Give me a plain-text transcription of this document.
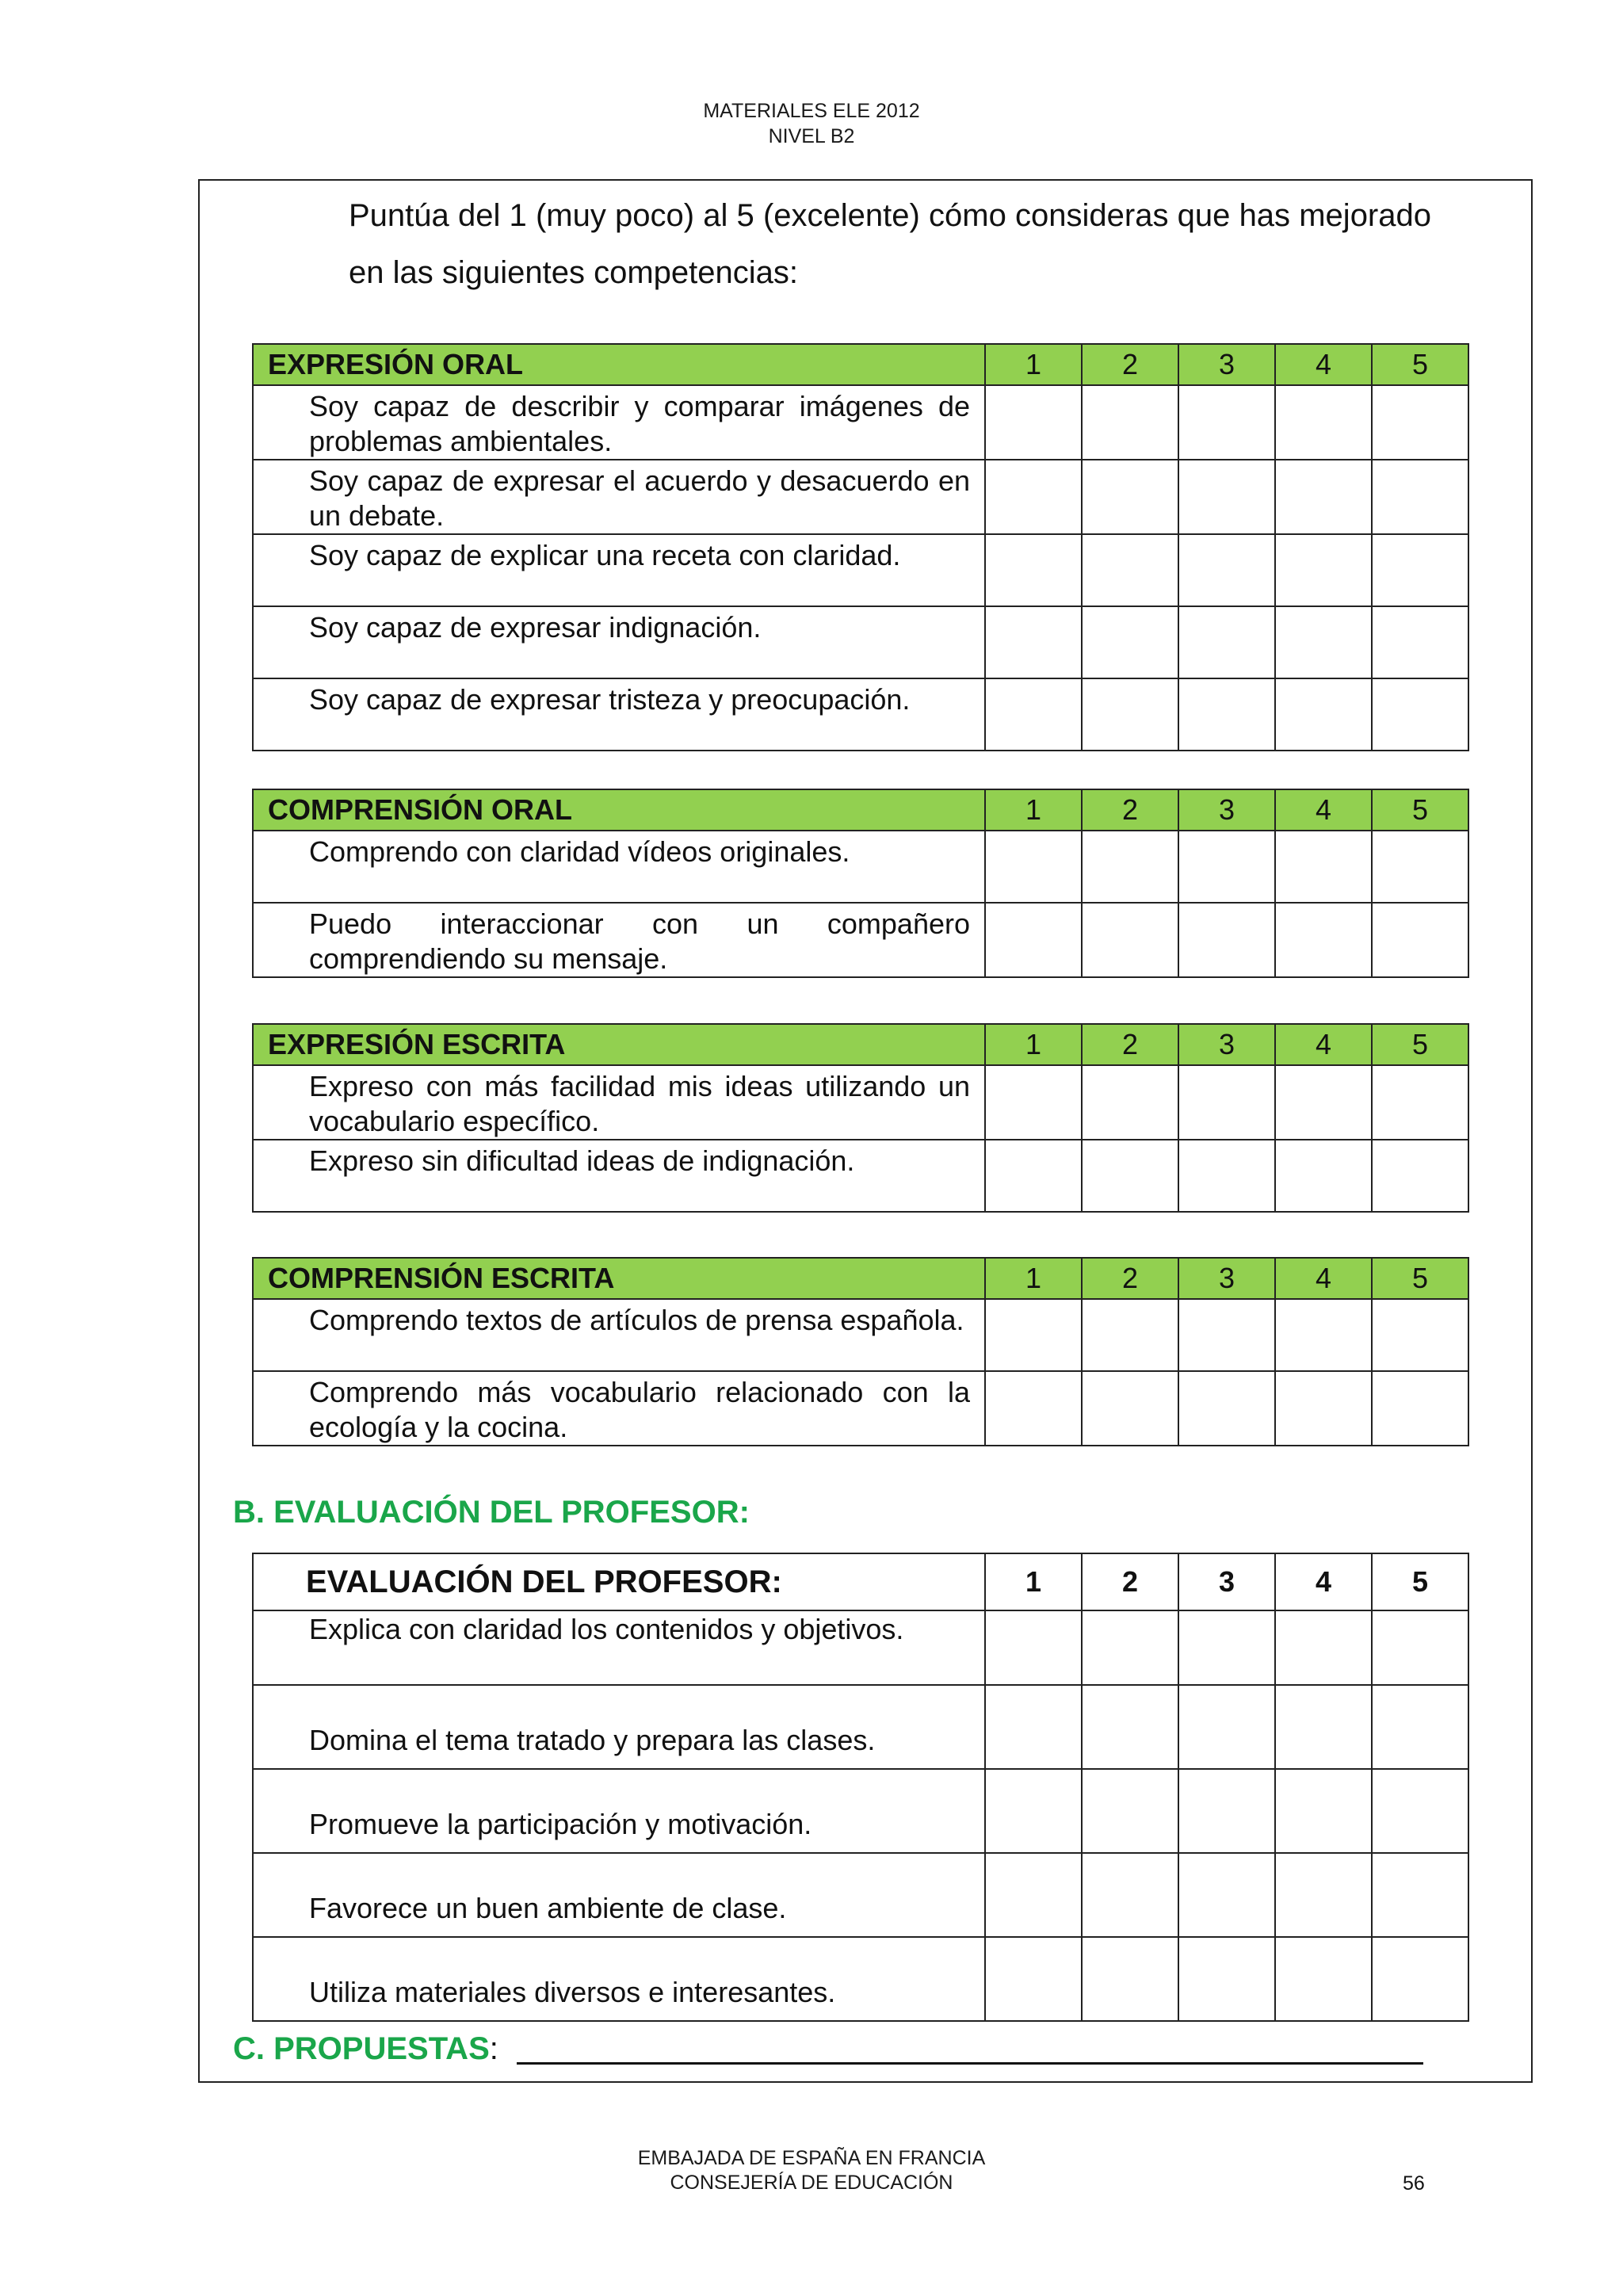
MATERIALES ELE 2012
NIVEL B2
Puntúa del 1 (muy poco) al 5 (excelente) cómo consideras que has mejorado en las siguientes competencias:
EXPRESIÓN ORAL	1	2	3	4	5
Soy capaz de describir y comparar imágenes de problemas ambientales.					
Soy capaz de expresar el acuerdo y desacuerdo en un debate.					
Soy capaz de explicar una receta con claridad.					
Soy capaz de expresar indignación.					
Soy capaz de expresar tristeza y preocupación.					
COMPRENSIÓN ORAL	1	2	3	4	5
Comprendo con claridad vídeos originales.					
Puedo interaccionar con un compañero comprendiendo su mensaje.					
EXPRESIÓN ESCRITA	1	2	3	4	5
Expreso con más facilidad mis ideas utilizando un vocabulario específico.					
Expreso sin dificultad ideas de indignación.					
COMPRENSIÓN ESCRITA	1	2	3	4	5
Comprendo textos de artículos de prensa española.					
Comprendo más vocabulario relacionado con la ecología y la cocina.					
B. EVALUACIÓN DEL PROFESOR:
EVALUACIÓN DEL PROFESOR:	1	2	3	4	5
Explica con claridad los contenidos y objetivos.					
Domina el tema tratado y prepara las clases.					
Promueve la participación y motivación.					
Favorece un buen ambiente de clase.					
Utiliza materiales diversos e interesantes.					
C. PROPUESTAS:
EMBAJADA DE ESPAÑA EN FRANCIA
CONSEJERÍA DE EDUCACIÓN	56
